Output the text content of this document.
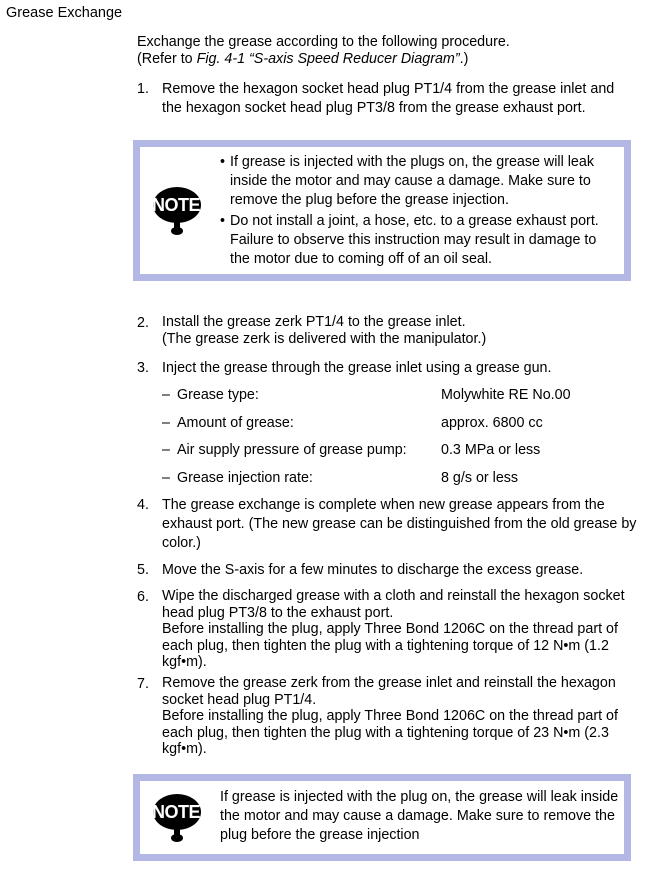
Grease Exchange
Exchange the grease according to the following procedure.
(Refer to Fig. 4-1 “S-axis Speed Reducer Diagram”.)
1. Remove the hexagon socket head plug PT1/4 from the grease inlet and the hexagon socket head plug PT3/8 from the grease exhaust port.
NOTE
• If grease is injected with the plugs on, the grease will leak inside the motor and may cause a damage. Make sure to remove the plug before the grease injection.
• Do not install a joint, a hose, etc. to a grease exhaust port. Failure to observe this instruction may result in damage to the motor due to coming off of an oil seal.
2. Install the grease zerk PT1/4 to the grease inlet.
(The grease zerk is delivered with the manipulator.)
3. Inject the grease through the grease inlet using a grease gun.
– Grease type:	Molywhite RE No.00
– Amount of grease:	approx. 6800 cc
– Air supply pressure of grease pump: 0.3 MPa or less
– Grease injection rate:	8 g/s or less
4. The grease exchange is complete when new grease appears from the exhaust port. (The new grease can be distinguished from the old grease by color.)
5. Move the S-axis for a few minutes to discharge the excess grease.
6. Wipe the discharged grease with a cloth and reinstall the hexagon socket head plug PT3/8 to the exhaust port.
Before installing the plug, apply Three Bond 1206C on the thread part of each plug, then tighten the plug with a tightening torque of 12 N•m (1.2 kgf•m).
7. Remove the grease zerk from the grease inlet and reinstall the hexagon socket head plug PT1/4.
Before installing the plug, apply Three Bond 1206C on the thread part of each plug, then tighten the plug with a tightening torque of 23 N•m (2.3 kgf•m).
NOTE
If grease is injected with the plug on, the grease will leak inside the motor and may cause a damage. Make sure to remove the plug before the grease injection
